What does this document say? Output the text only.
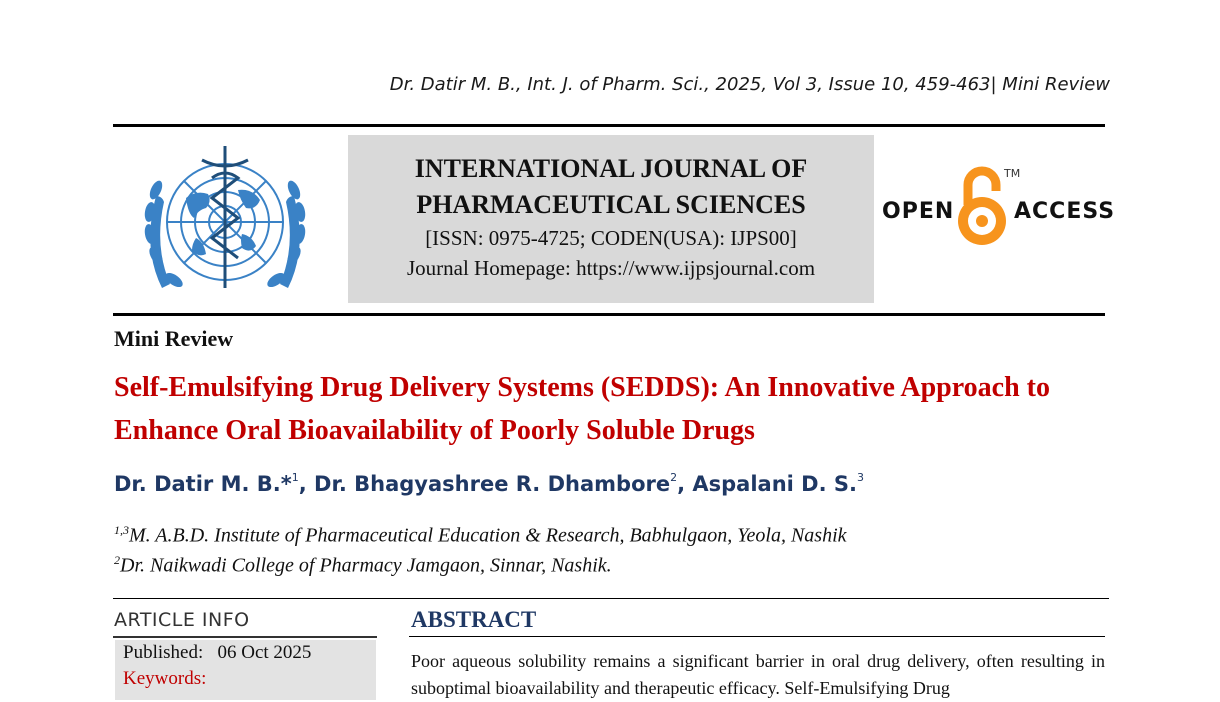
Dr. Datir M. B., Int. J. of Pharm. Sci., 2025, Vol 3, Issue 10, 459-463| Mini Review
INTERNATIONAL JOURNAL OF
PHARMACEUTICAL SCIENCES
[ISSN: 0975-4725; CODEN(USA): IJPS00]
Journal Homepage: https://www.ijpsjournal.com
OPEN
TM
ACCESS
Mini Review
Self-Emulsifying Drug Delivery Systems (SEDDS): An Innovative Approach to Enhance Oral Bioavailability of Poorly Soluble Drugs
Dr. Datir M. B.*$^1$, Dr. Bhagyashree R. Dhambore$^2$, Aspalani D. S.$^3$
$^{1,3}$M. A.B.D. Institute of Pharmaceutical Education & Research, Babhulgaon, Yeola, Nashik
$^2$Dr. Naikwadi College of Pharmacy Jamgaon, Sinnar, Nashik.
ARTICLE INFO
Published: 06 Oct 2025
Keywords:
ABSTRACT
Poor aqueous solubility remains a significant barrier in oral drug delivery, often resulting in suboptimal bioavailability and therapeutic efficacy. Self-Emulsifying Drug
